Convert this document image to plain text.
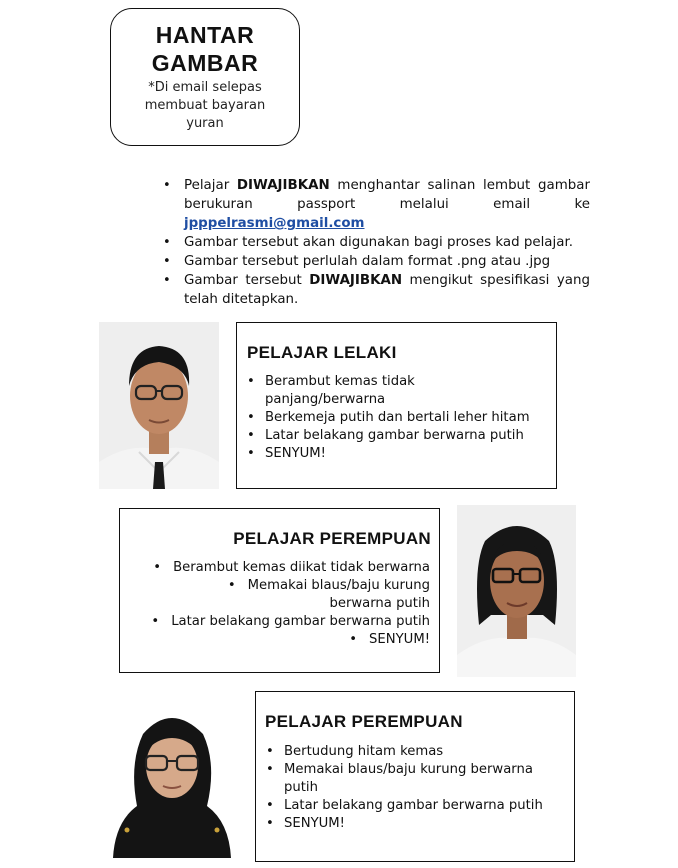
HANTAR
GAMBAR
*Di email selepas membuat bayaran yuran
• Pelajar DIWAJIBKAN menghantar salinan lembut gambar berukuran passport melalui email ke jpppelrasmi@gmail.com
• Gambar tersebut akan digunakan bagi proses kad pelajar.
• Gambar tersebut perlulah dalam format .png atau .jpg
• Gambar tersebut DIWAJIBKAN mengikut spesifikasi yang telah ditetapkan.
PELAJAR LELAKI
• Berambut kemas tidak panjang/berwarna
• Berkemeja putih dan bertali leher hitam
• Latar belakang gambar berwarna putih
• SENYUM!
PELAJAR PEREMPUAN
• Berambut kemas diikat tidak berwarna
• Memakai blaus/baju kurung berwarna putih
• Latar belakang gambar berwarna putih
• SENYUM!
PELAJAR PEREMPUAN
• Bertudung hitam kemas
• Memakai blaus/baju kurung berwarna putih
• Latar belakang gambar berwarna putih
• SENYUM!
